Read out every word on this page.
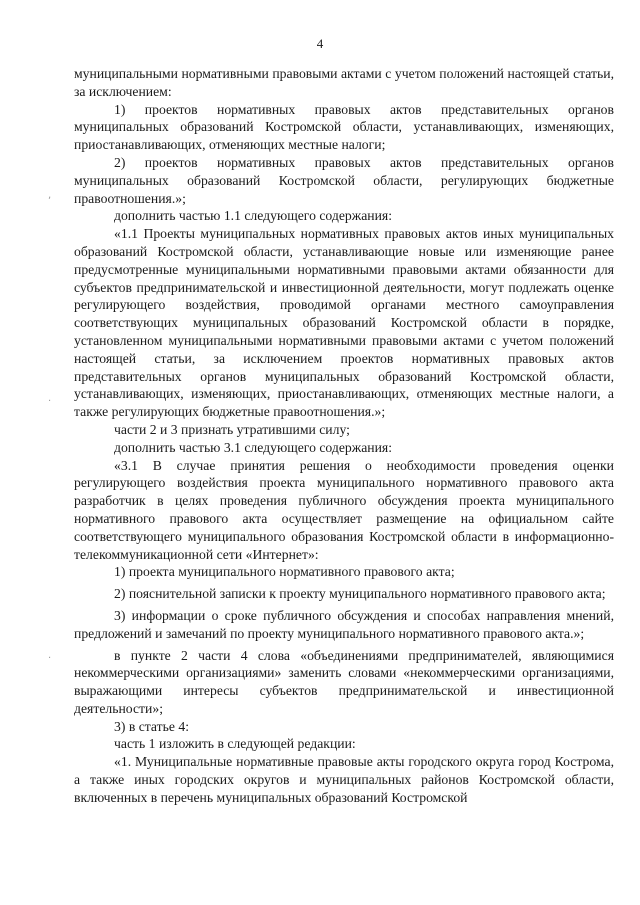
4
,
.
.

муниципальными нормативными правовыми актами с учетом положений настоящей статьи, за исключением:

1) проектов нормативных правовых актов представительных органов муниципальных образований Костромской области, устанавливающих, изменяющих, приостанавливающих, отменяющих местные налоги;

2) проектов нормативных правовых актов представительных органов муниципальных образований Костромской области, регулирующих бюджетные правоотношения.»;

дополнить частью 1.1 следующего содержания:

«1.1 Проекты муниципальных нормативных правовых актов иных муниципальных образований Костромской области, устанавливающие новые или изменяющие ранее предусмотренные муниципальными нормативными правовыми актами обязанности для субъектов предпринимательской и инвестиционной деятельности, могут подлежать оценке регулирующего воздействия, проводимой органами местного самоуправления соответствующих муниципальных образований Костромской области в порядке, установленном муниципальными нормативными правовыми актами с учетом положений настоящей статьи, за исключением проектов нормативных правовых актов представительных органов муниципальных образований Костромской области, устанавливающих, изменяющих, приостанавливающих, отменяющих местные налоги, а также регулирующих бюджетные правоотношения.»;

части 2 и 3 признать утратившими силу;

дополнить частью 3.1 следующего содержания:

«3.1 В случае принятия решения о необходимости проведения оценки регулирующего воздействия проекта муниципального нормативного правового акта разработчик в целях проведения публичного обсуждения проекта муниципального нормативного правового акта осуществляет размещение на официальном сайте соответствующего муниципального образования Костромской области в информационно-телекоммуникационной сети «Интернет»:

1) проекта муниципального нормативного правового акта;

2) пояснительной записки к проекту муниципального нормативного правового акта;

3) информации о сроке публичного обсуждения и способах направления мнений, предложений и замечаний по проекту муниципального нормативного правового акта.»;

в пункте 2 части 4 слова «объединениями предпринимателей, являющимися некоммерческими организациями» заменить словами «некоммерческими организациями, выражающими интересы субъектов предпринимательской и инвестиционной деятельности»;

3) в статье 4:

часть 1 изложить в следующей редакции:

«1. Муниципальные нормативные правовые акты городского округа город Кострома, а также иных городских округов и муниципальных районов Костромской области, включенных в перечень муниципальных образований Костромской
